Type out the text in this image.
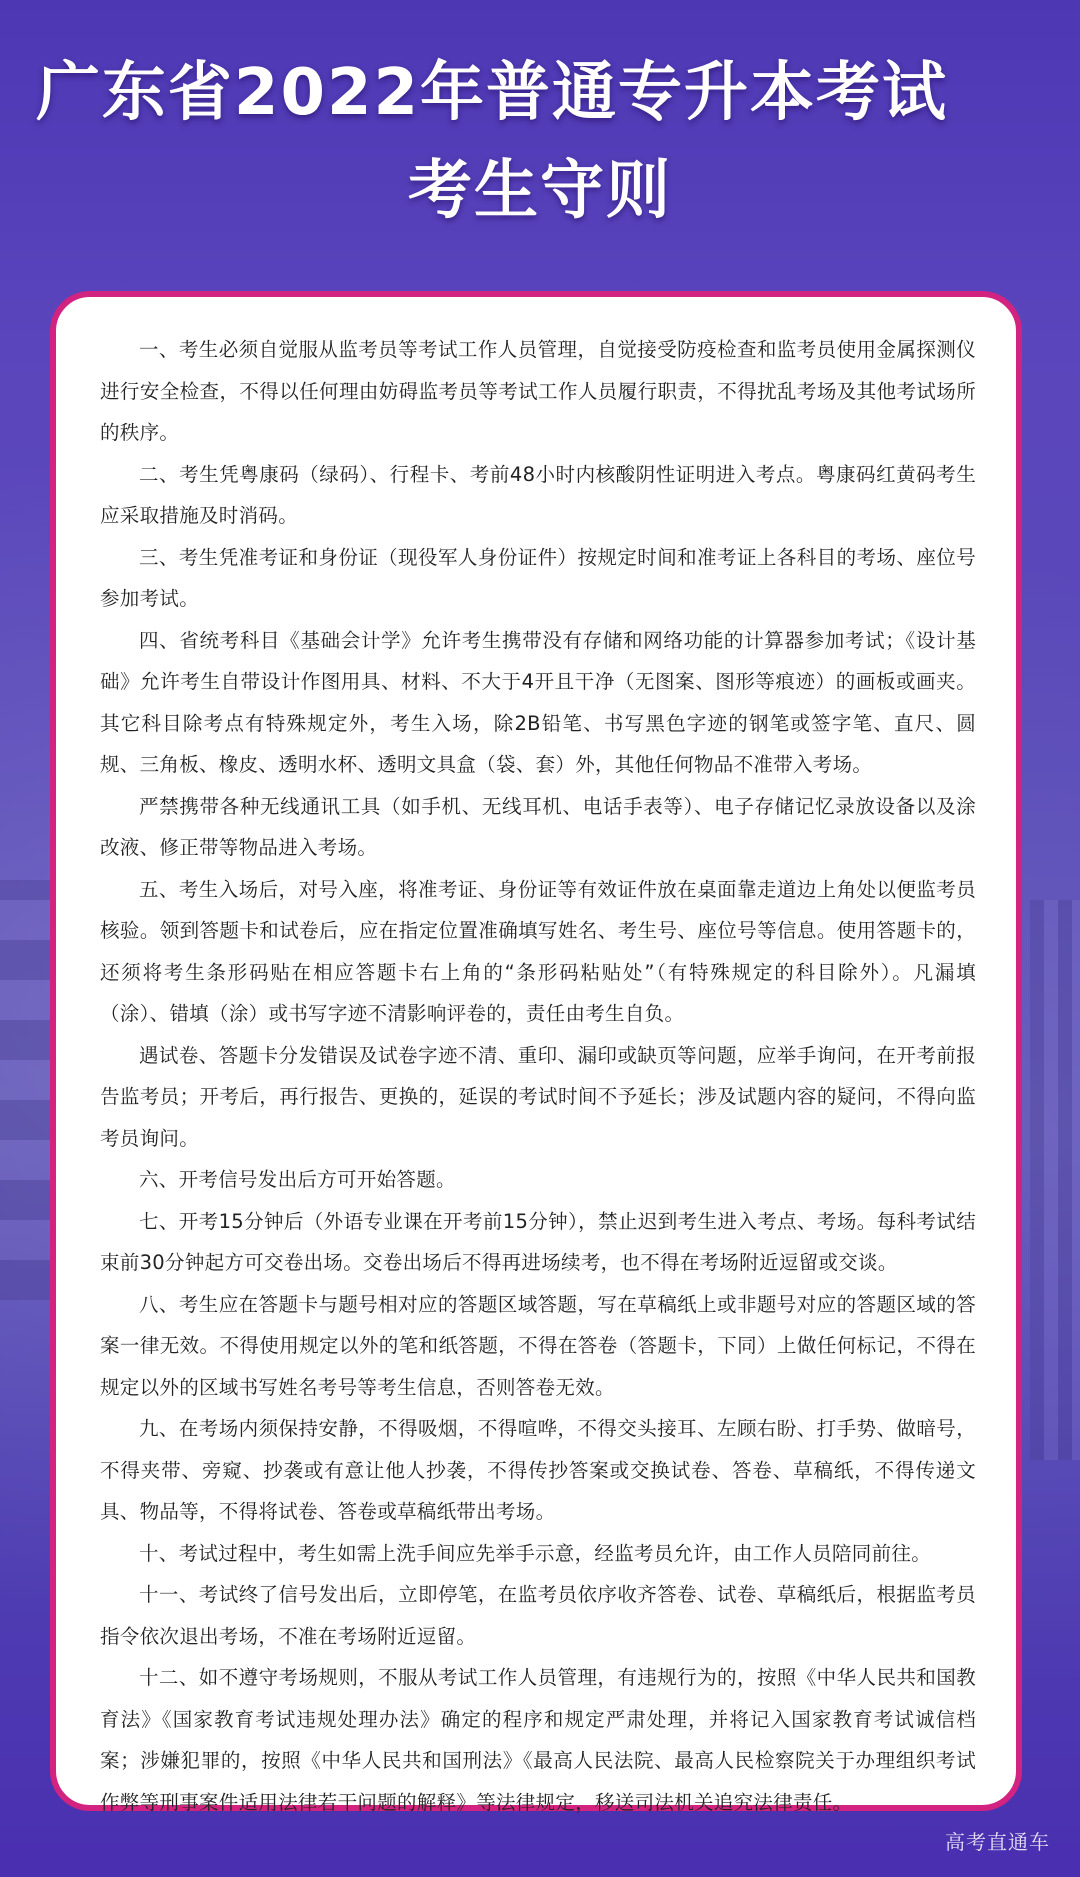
广东省2022年普通专升本考试
考生守则

一、考生必须自觉服从监考员等考试工作人员管理，自觉接受防疫检查和监考员使用金属探测仪进行安全检查，不得以任何理由妨碍监考员等考试工作人员履行职责，不得扰乱考场及其他考试场所的秩序。

二、考生凭粤康码（绿码）、行程卡、考前48小时内核酸阴性证明进入考点。粤康码红黄码考生应采取措施及时消码。

三、考生凭准考证和身份证（现役军人身份证件）按规定时间和准考证上各科目的考场、座位号参加考试。

四、省统考科目《基础会计学》允许考生携带没有存储和网络功能的计算器参加考试；《设计基础》允许考生自带设计作图用具、材料、不大于4开且干净（无图案、图形等痕迹）的画板或画夹。其它科目除考点有特殊规定外，考生入场，除2B铅笔、书写黑色字迹的钢笔或签字笔、直尺、圆规、三角板、橡皮、透明水杯、透明文具盒（袋、套）外，其他任何物品不准带入考场。

严禁携带各种无线通讯工具（如手机、无线耳机、电话手表等）、电子存储记忆录放设备以及涂改液、修正带等物品进入考场。

五、考生入场后，对号入座，将准考证、身份证等有效证件放在桌面靠走道边上角处以便监考员核验。领到答题卡和试卷后，应在指定位置准确填写姓名、考生号、座位号等信息。使用答题卡的，还须将考生条形码贴在相应答题卡右上角的“条形码粘贴处”（有特殊规定的科目除外）。凡漏填（涂）、错填（涂）或书写字迹不清影响评卷的，责任由考生自负。

遇试卷、答题卡分发错误及试卷字迹不清、重印、漏印或缺页等问题，应举手询问，在开考前报告监考员；开考后，再行报告、更换的，延误的考试时间不予延长；涉及试题内容的疑问，不得向监考员询问。

六、开考信号发出后方可开始答题。

七、开考15分钟后（外语专业课在开考前15分钟），禁止迟到考生进入考点、考场。每科考试结束前30分钟起方可交卷出场。交卷出场后不得再进场续考，也不得在考场附近逗留或交谈。

八、考生应在答题卡与题号相对应的答题区域答题，写在草稿纸上或非题号对应的答题区域的答案一律无效。不得使用规定以外的笔和纸答题，不得在答卷（答题卡，下同）上做任何标记，不得在规定以外的区域书写姓名考号等考生信息，否则答卷无效。

九、在考场内须保持安静，不得吸烟，不得喧哗，不得交头接耳、左顾右盼、打手势、做暗号，不得夹带、旁窥、抄袭或有意让他人抄袭，不得传抄答案或交换试卷、答卷、草稿纸，不得传递文具、物品等，不得将试卷、答卷或草稿纸带出考场。

十、考试过程中，考生如需上洗手间应先举手示意，经监考员允许，由工作人员陪同前往。

十一、考试终了信号发出后，立即停笔，在监考员依序收齐答卷、试卷、草稿纸后，根据监考员指令依次退出考场，不准在考场附近逗留。

十二、如不遵守考场规则，不服从考试工作人员管理，有违规行为的，按照《中华人民共和国教育法》《国家教育考试违规处理办法》确定的程序和规定严肃处理，并将记入国家教育考试诚信档案；涉嫌犯罪的，按照《中华人民共和国刑法》《最高人民法院、最高人民检察院关于办理组织考试作弊等刑事案件适用法律若干问题的解释》等法律规定，移送司法机关追究法律责任。

高考直通车
